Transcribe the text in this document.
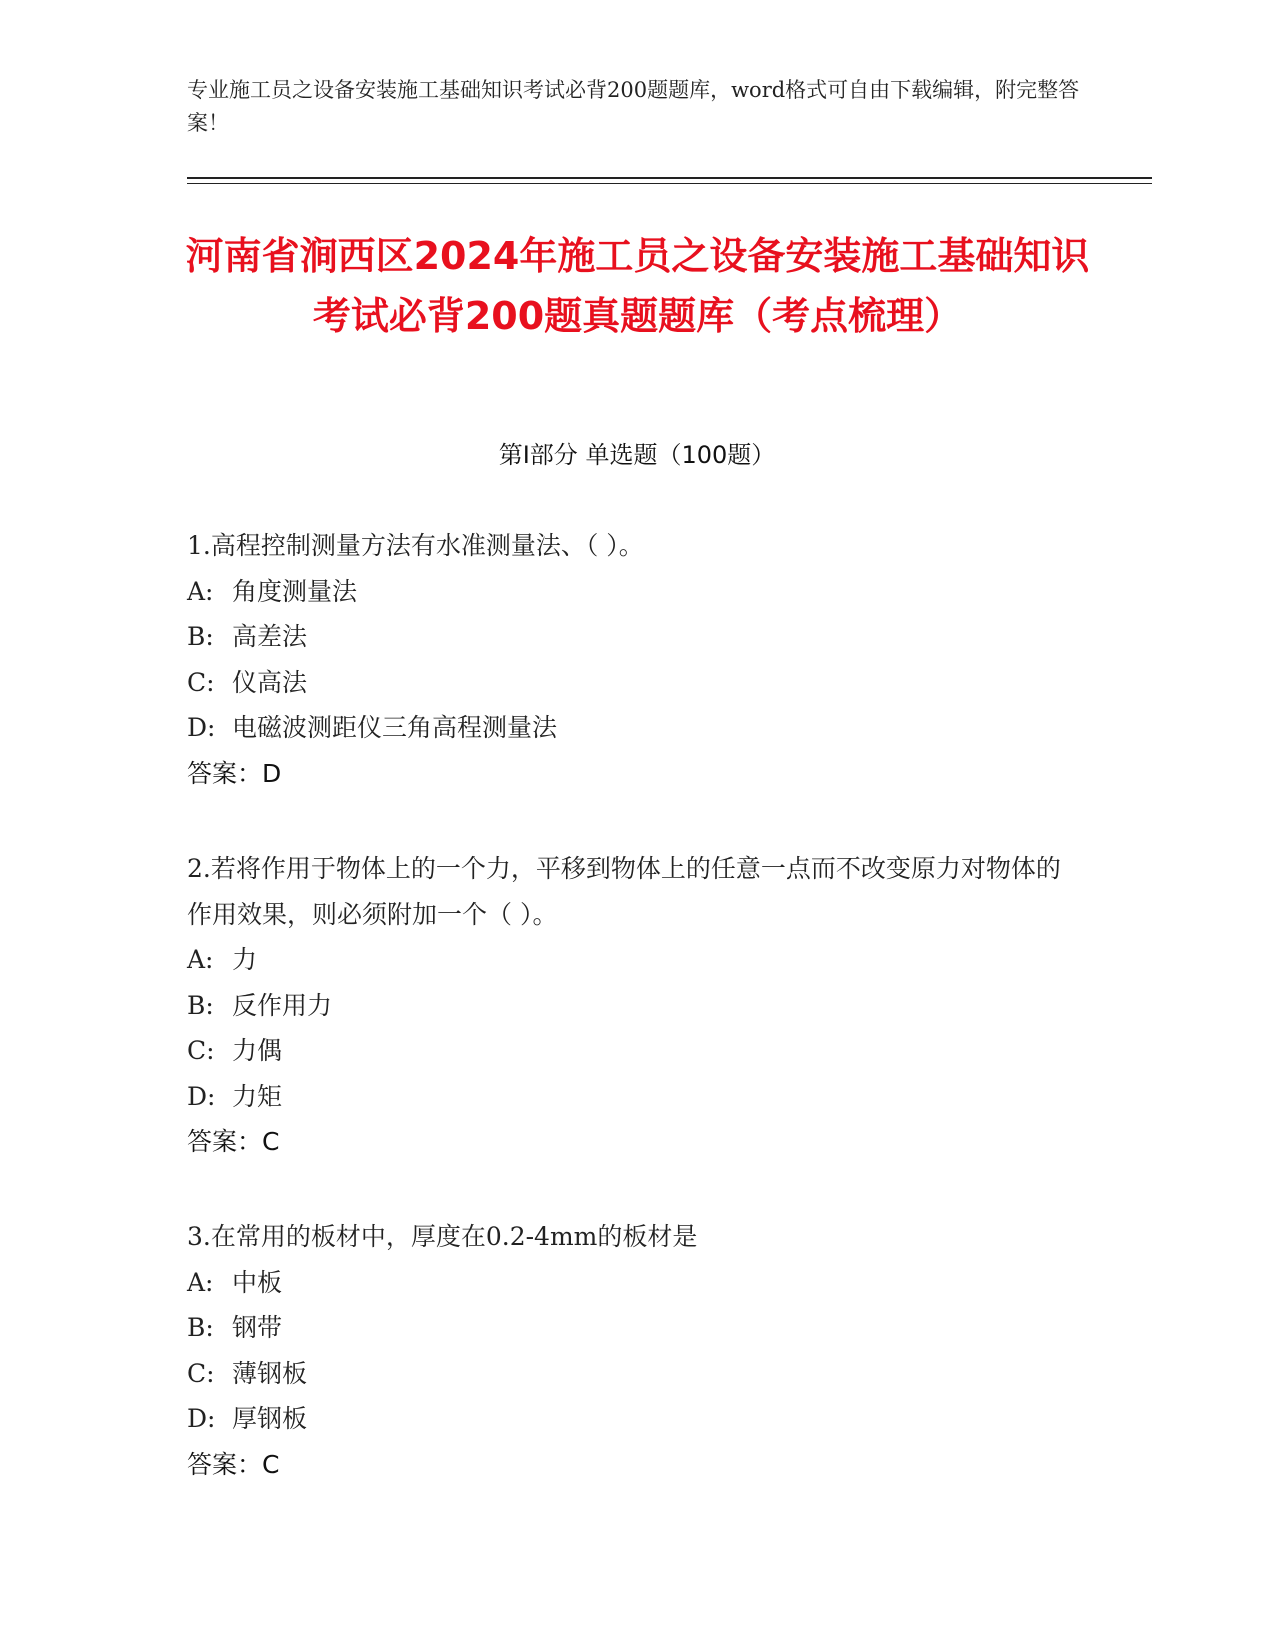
专业施工员之设备安装施工基础知识考试必背200题题库，word格式可自由下载编辑，附完整答案！
河南省涧西区2024年施工员之设备安装施工基础知识考试必背200题真题题库（考点梳理）
第I部分 单选题（100题）
1.高程控制测量方法有水准测量法、（ ）。
A: 角度测量法
B: 高差法
C: 仪高法
D: 电磁波测距仪三角高程测量法
答案：D
2.若将作用于物体上的一个力，平移到物体上的任意一点而不改变原力对物体的作用效果，则必须附加一个（ ）。
A: 力
B: 反作用力
C: 力偶
D: 力矩
答案：C
3.在常用的板材中，厚度在0.2-4mm的板材是
A: 中板
B: 钢带
C: 薄钢板
D: 厚钢板
答案：C
